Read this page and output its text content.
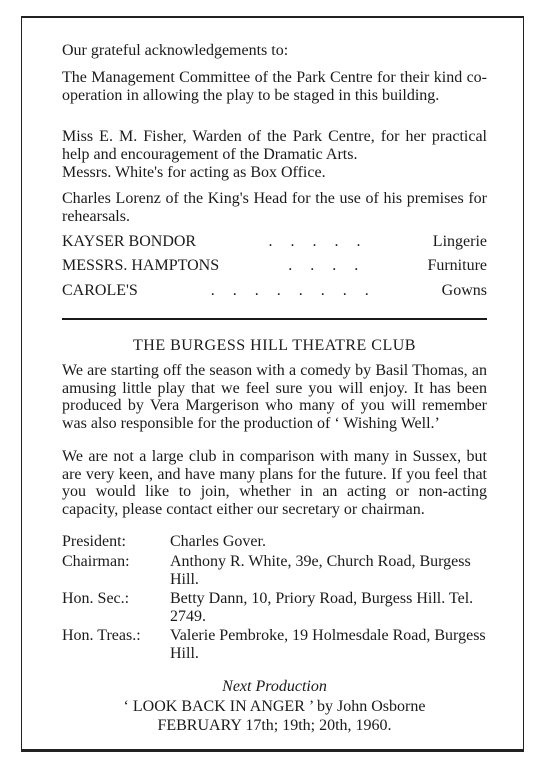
Our grateful acknowledgements to:
The Management Committee of the Park Centre for their kind co-operation in allowing the play to be staged in this building.
Miss E. M. Fisher, Warden of the Park Centre, for her practical help and encouragement of the Dramatic Arts.
Messrs. White's for acting as Box Office.
Charles Lorenz of the King's Head for the use of his premises for rehearsals.
KAYSER BONDOR	. . . . .	Lingerie
MESSRS. HAMPTONS	. . . .	Furniture
CAROLE'S	. . . . . . . .	Gowns
THE BURGESS HILL THEATRE CLUB
We are starting off the season with a comedy by Basil Thomas, an amusing little play that we feel sure you will enjoy. It has been produced by Vera Margerison who many of you will remember was also responsible for the production of ‘ Wishing Well.’
We are not a large club in comparison with many in Sussex, but are very keen, and have many plans for the future. If you feel that you would like to join, whether in an acting or non-acting capacity, please contact either our secretary or chairman.
President:	Charles Gover.
Chairman:	Anthony R. White, 39e, Church Road, Burgess Hill.
Hon. Sec.:	Betty Dann, 10, Priory Road, Burgess Hill. Tel. 2749.
Hon. Treas.:	Valerie Pembroke, 19 Holmesdale Road, Burgess Hill.
Next Production
‘ LOOK BACK IN ANGER ’ by John Osborne
FEBRUARY 17th; 19th; 20th, 1960.
